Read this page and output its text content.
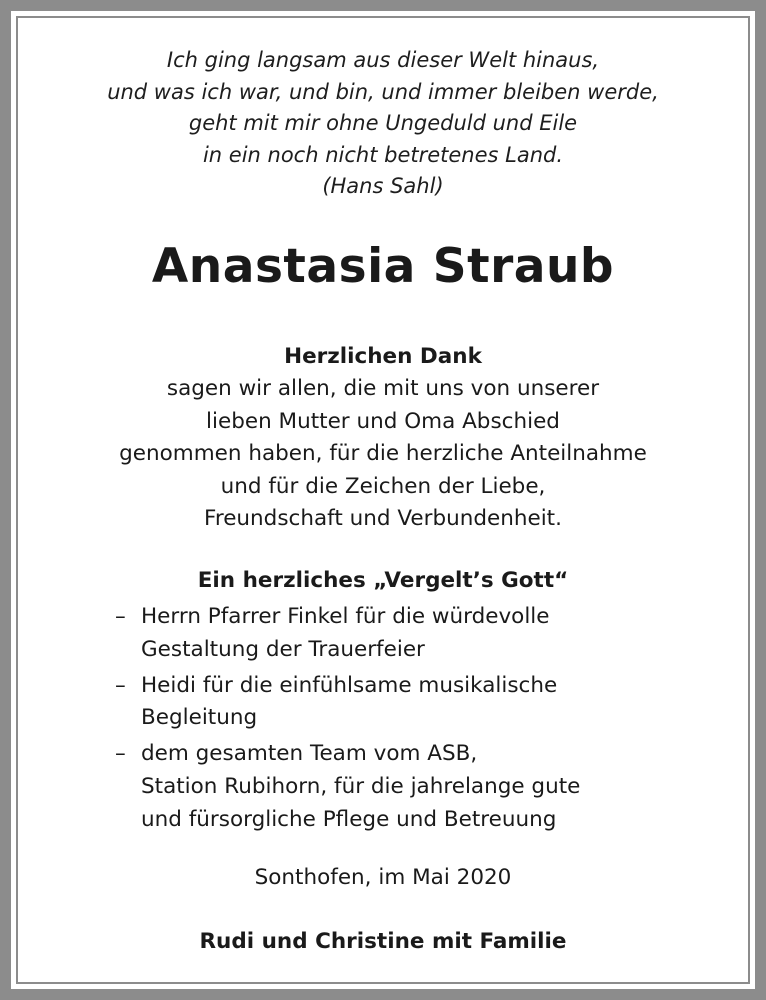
Ich ging langsam aus dieser Welt hinaus,
und was ich war, und bin, und immer bleiben werde,
geht mit mir ohne Ungeduld und Eile
in ein noch nicht betretenes Land.
(Hans Sahl)
Anastasia Straub
Herzlichen Dank
sagen wir allen, die mit uns von unserer
lieben Mutter und Oma Abschied
genommen haben, für die herzliche Anteilnahme
und für die Zeichen der Liebe,
Freundschaft und Verbundenheit.
Ein herzliches „Vergelt’s Gott“
– Herrn Pfarrer Finkel für die würdevolle
Gestaltung der Trauerfeier
– Heidi für die einfühlsame musikalische
Begleitung
– dem gesamten Team vom ASB,
Station Rubihorn, für die jahrelange gute
und fürsorgliche Pflege und Betreuung
Sonthofen, im Mai 2020
Rudi und Christine mit Familie
